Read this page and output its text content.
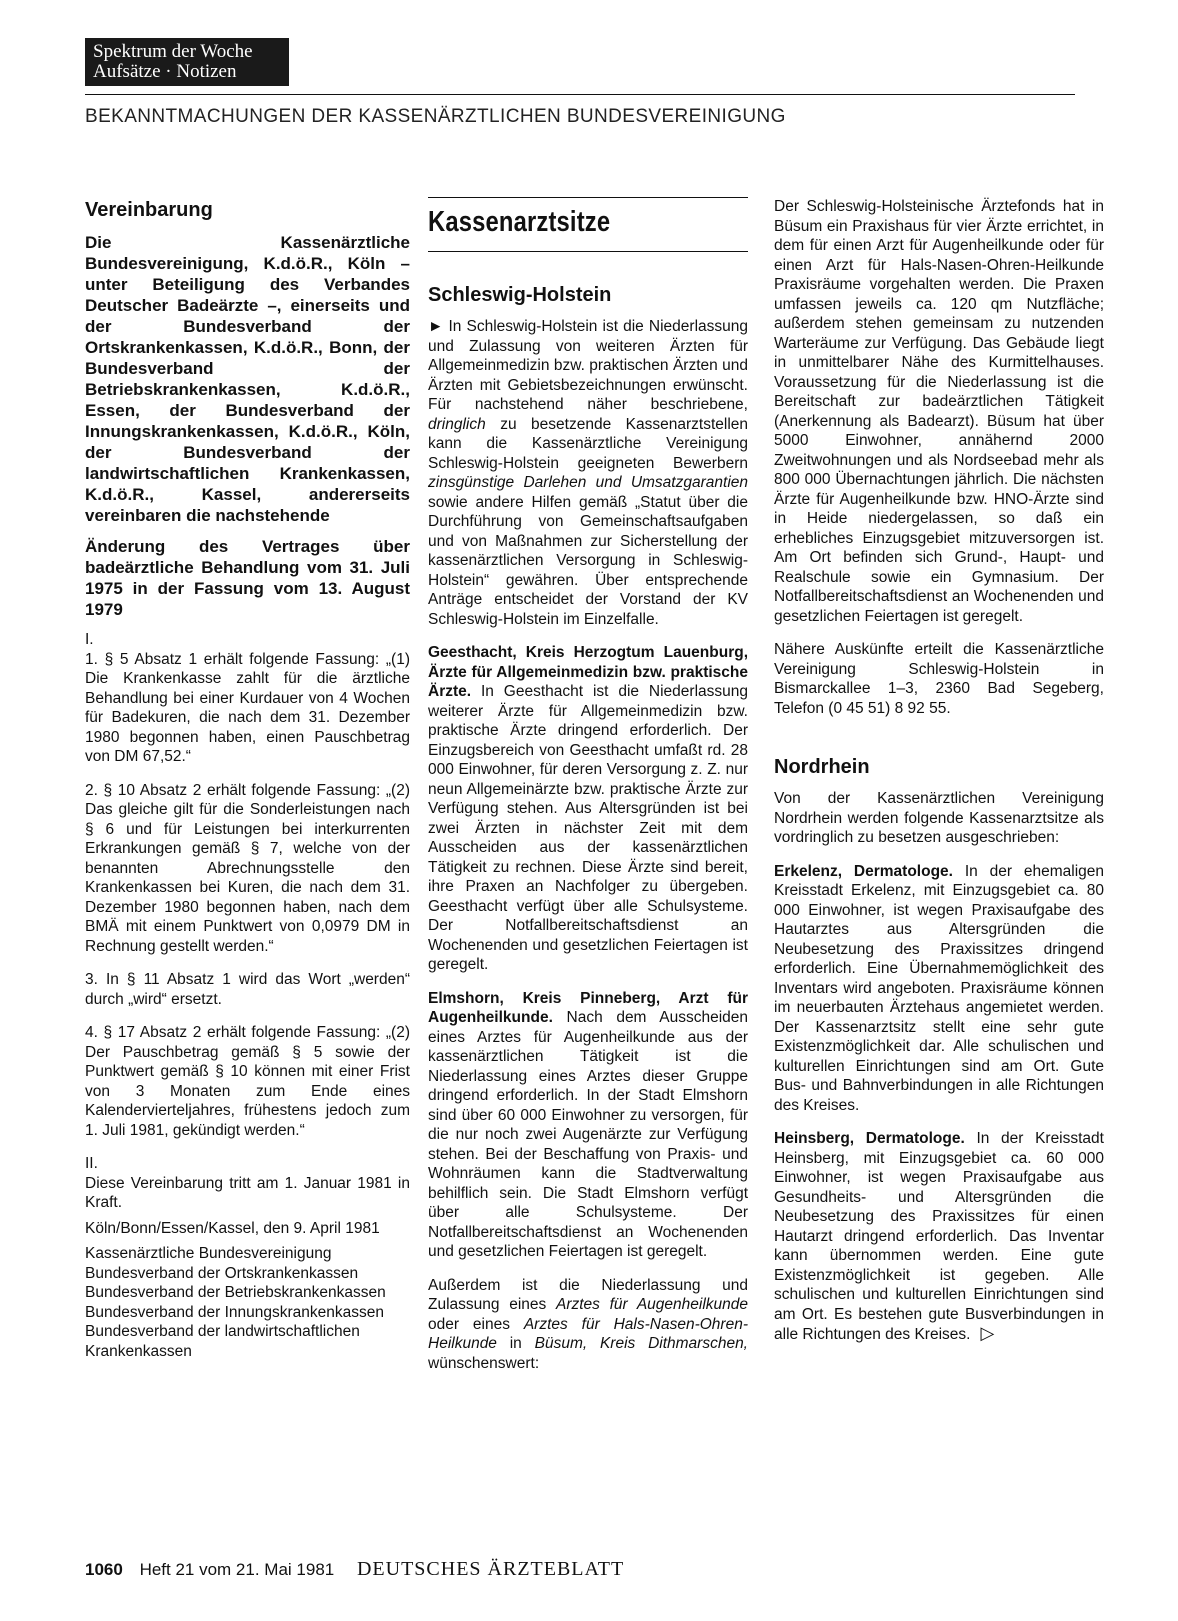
Spektrum der Woche
Aufsätze · Notizen
BEKANNTMACHUNGEN DER KASSENÄRZTLICHEN BUNDESVEREINIGUNG
Vereinbarung
Die Kassenärztliche Bundesvereinigung, K.d.ö.R., Köln – unter Beteiligung des Verbandes Deutscher Badeärzte –, einerseits und der Bundesverband der Ortskrankenkassen, K.d.ö.R., Bonn, der Bundesverband der Betriebskrankenkassen, K.d.ö.R., Essen, der Bundesverband der Innungskrankenkassen, K.d.ö.R., Köln, der Bundesverband der landwirtschaftlichen Krankenkassen, K.d.ö.R., Kassel, andererseits vereinbaren die nachstehende
Änderung des Vertrages über badeärztliche Behandlung vom 31. Juli 1975 in der Fassung vom 13. August 1979

I.

1. § 5 Absatz 1 erhält folgende Fassung: „(1) Die Krankenkasse zahlt für die ärztliche Behandlung bei einer Kurdauer von 4 Wochen für Badekuren, die nach dem 31. Dezember 1980 begonnen haben, einen Pauschbetrag von DM 67,52.“

2. § 10 Absatz 2 erhält folgende Fassung: „(2) Das gleiche gilt für die Sonderleistungen nach § 6 und für Leistungen bei interkurrenten Erkrankungen gemäß § 7, welche von der benannten Abrechnungsstelle den Krankenkassen bei Kuren, die nach dem 31. Dezember 1980 begonnen haben, nach dem BMÄ mit einem Punktwert von 0,0979 DM in Rechnung gestellt werden.“

3. In § 11 Absatz 1 wird das Wort „werden“ durch „wird“ ersetzt.

4. § 17 Absatz 2 erhält folgende Fassung: „(2) Der Pauschbetrag gemäß § 5 sowie der Punktwert gemäß § 10 können mit einer Frist von 3 Monaten zum Ende eines Kalendervierteljahres, frühestens jedoch zum 1. Juli 1981, gekündigt werden.“

II.

Diese Vereinbarung tritt am 1. Januar 1981 in Kraft.

Köln/Bonn/Essen/Kassel, den 9. April 1981

Kassenärztliche Bundesvereinigung

Bundesverband der Ortskrankenkassen

Bundesverband der Betriebskrankenkassen

Bundesverband der Innungskrankenkassen

Bundesverband der landwirtschaftlichen Krankenkassen

Kassenarztsitze
Schleswig-Holstein

► In Schleswig-Holstein ist die Niederlassung und Zulassung von weiteren Ärzten für Allgemeinmedizin bzw. praktischen Ärzten und Ärzten mit Gebietsbezeichnungen erwünscht. Für nachstehend näher beschriebene, dringlich zu besetzende Kassenarztstellen kann die Kassenärztliche Vereinigung Schleswig-Holstein geeigneten Bewerbern zinsgünstige Darlehen und Umsatzgarantien sowie andere Hilfen gemäß „Statut über die Durchführung von Gemeinschaftsaufgaben und von Maßnahmen zur Sicherstellung der kassenärztlichen Versorgung in Schleswig-Holstein“ gewähren. Über entsprechende Anträge entscheidet der Vorstand der KV Schleswig-Holstein im Einzelfalle.

Geesthacht, Kreis Herzogtum Lauenburg, Ärzte für Allgemeinmedizin bzw. praktische Ärzte. In Geesthacht ist die Niederlassung weiterer Ärzte für Allgemeinmedizin bzw. praktische Ärzte dringend erforderlich. Der Einzugsbereich von Geesthacht umfaßt rd. 28 000 Einwohner, für deren Versorgung z. Z. nur neun Allgemeinärzte bzw. praktische Ärzte zur Verfügung stehen. Aus Altersgründen ist bei zwei Ärzten in nächster Zeit mit dem Ausscheiden aus der kassenärztlichen Tätigkeit zu rechnen. Diese Ärzte sind bereit, ihre Praxen an Nachfolger zu übergeben. Geesthacht verfügt über alle Schulsysteme. Der Notfallbereitschaftsdienst an Wochenenden und gesetzlichen Feiertagen ist geregelt.

Elmshorn, Kreis Pinneberg, Arzt für Augenheilkunde. Nach dem Ausscheiden eines Arztes für Augenheilkunde aus der kassenärztlichen Tätigkeit ist die Niederlassung eines Arztes dieser Gruppe dringend erforderlich. In der Stadt Elmshorn sind über 60 000 Einwohner zu versorgen, für die nur noch zwei Augenärzte zur Verfügung stehen. Bei der Beschaffung von Praxis- und Wohnräumen kann die Stadtverwaltung behilflich sein. Die Stadt Elmshorn verfügt über alle Schulsysteme. Der Notfallbereitschaftsdienst an Wochenenden und gesetzlichen Feiertagen ist geregelt.

Außerdem ist die Niederlassung und Zulassung eines Arztes für Augenheilkunde oder eines Arztes für Hals-Nasen-Ohren-Heilkunde in Büsum, Kreis Dithmarschen, wünschenswert:

Der Schleswig-Holsteinische Ärztefonds hat in Büsum ein Praxishaus für vier Ärzte errichtet, in dem für einen Arzt für Augenheilkunde oder für einen Arzt für Hals-Nasen-Ohren-Heilkunde Praxisräume vorgehalten werden. Die Praxen umfassen jeweils ca. 120 qm Nutzfläche; außerdem stehen gemeinsam zu nutzenden Warteräume zur Verfügung. Das Gebäude liegt in unmittelbarer Nähe des Kurmittelhauses. Voraussetzung für die Niederlassung ist die Bereitschaft zur badeärztlichen Tätigkeit (Anerkennung als Badearzt). Büsum hat über 5000 Einwohner, annähernd 2000 Zweitwohnungen und als Nordseebad mehr als 800 000 Übernachtungen jährlich. Die nächsten Ärzte für Augenheilkunde bzw. HNO-Ärzte sind in Heide niedergelassen, so daß ein erhebliches Einzugsgebiet mitzuversorgen ist. Am Ort befinden sich Grund-, Haupt- und Realschule sowie ein Gymnasium. Der Notfallbereitschaftsdienst an Wochenenden und gesetzlichen Feiertagen ist geregelt.

Nähere Auskünfte erteilt die Kassenärztliche Vereinigung Schleswig-Holstein in Bismarckallee 1–3, 2360 Bad Segeberg, Telefon (0 45 51) 8 92 55.

Nordrhein

Von der Kassenärztlichen Vereinigung Nordrhein werden folgende Kassenarztsitze als vordringlich zu besetzen ausgeschrieben:

Erkelenz, Dermatologe. In der ehemaligen Kreisstadt Erkelenz, mit Einzugsgebiet ca. 80 000 Einwohner, ist wegen Praxisaufgabe des Hautarztes aus Altersgründen die Neubesetzung des Praxissitzes dringend erforderlich. Eine Übernahmemöglichkeit des Inventars wird angeboten. Praxisräume können im neuerbauten Ärztehaus angemietet werden. Der Kassenarztsitz stellt eine sehr gute Existenzmöglichkeit dar. Alle schulischen und kulturellen Einrichtungen sind am Ort. Gute Bus- und Bahnverbindungen in alle Richtungen des Kreises.

Heinsberg, Dermatologe. In der Kreisstadt Heinsberg, mit Einzugsgebiet ca. 60 000 Einwohner, ist wegen Praxisaufgabe aus Gesundheits- und Altersgründen die Neubesetzung des Praxissitzes für einen Hautarzt dringend erforderlich. Das Inventar kann übernommen werden. Eine gute Existenzmöglichkeit ist gegeben. Alle schulischen und kulturellen Einrichtungen sind am Ort. Es bestehen gute Busverbindungen in alle Richtungen des Kreises. ▷

1060 Heft 21 vom 21. Mai 1981 DEUTSCHES ÄRZTEBLATT
